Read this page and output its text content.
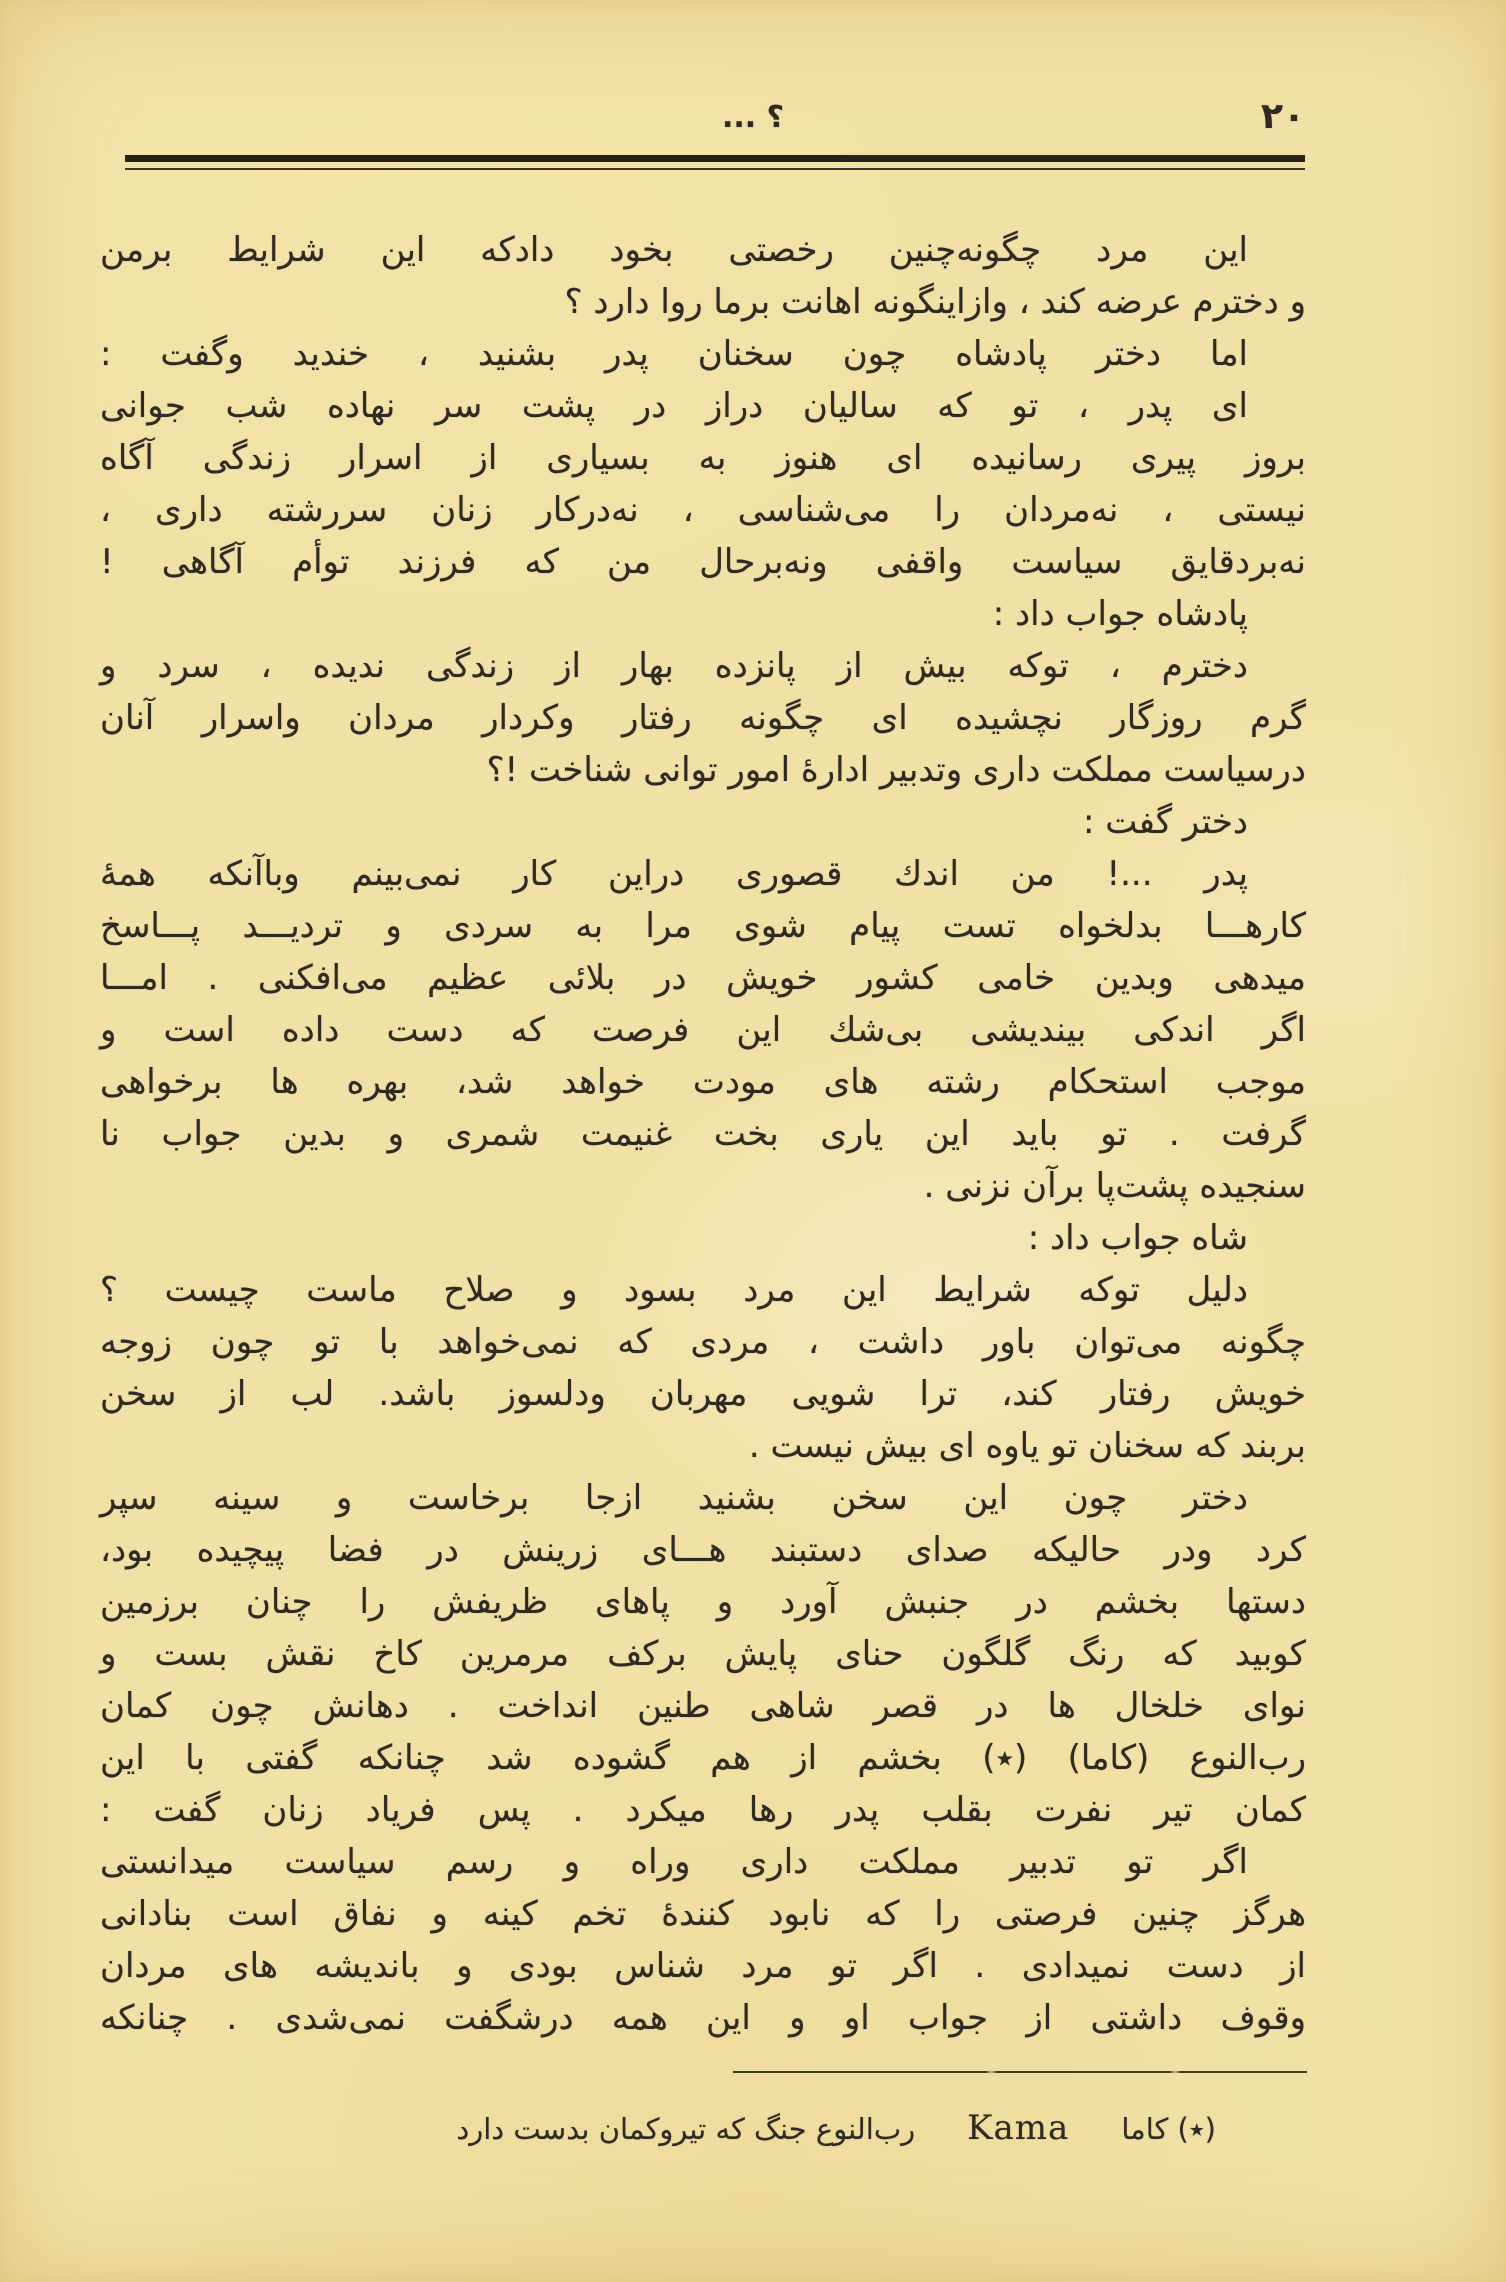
۲۰
؟ ...
این مرد چگونه‌چنین رخصتی بخود دادکه این شرایط برمن
و دخترم عرضه کند ، وازاینگونه اهانت برما روا دارد ؟
اما دختر پادشاه چون سخنان پدر بشنید ، خندید وگفت :
ای پدر ، تو که سالیان دراز در پشت سر نهاده شب جوانی
بروز پیری رسانیده ای هنوز به بسیاری از اسرار زندگی آگاه
نیستی ، نه‌مردان را می‌شناسی ، نه‌درکار زنان سررشته داری ،
نه‌بردقایق سیاست واقفی ونه‌برحال من که فرزند توأم آگاهی !
پادشاه جواب داد :
دخترم ، توکه بیش از پانزده بهار از زندگی ندیده ، سرد و
گرم روزگار نچشیده ای چگونه رفتار وکردار مردان واسرار آنان
درسیاست مملکت داری وتدبیر ادارهٔ امور توانی شناخت !؟
دختر گفت :
پدر ...! من اندك قصوری دراین کار نمی‌بینم وباآنکه همهٔ
کارهـــا بدلخواه تست پیام شوی مرا به سردی و تردیـــد پـــاسخ
میدهی وبدین خامی کشور خویش در بلائی عظیم می‌افکنی . امـــا
اگر اندکی بیندیشی بی‌شك این فرصت که دست داده است و
موجب استحکام رشته های مودت خواهد شد، بهره ها برخواهی
گرفت . تو باید این یاری بخت غنیمت شمری و بدین جواب نا
سنجیده پشت‌پا برآن نزنی .
شاه جواب داد :
دلیل توکه شرایط این مرد بسود و صلاح ماست چیست ؟
چگونه می‌توان باور داشت ، مردی که نمی‌خواهد با تو چون زوجه
خویش رفتار کند، ترا شویی مهربان ودلسوز باشد. لب از سخن
بربند که سخنان تو یاوه ای بیش نیست .
دختر چون این سخن بشنید ازجا برخاست و سینه سپر
کرد ودر حالیکه صدای دستبند هـــای زرینش در فضا پیچیده بود،
دستها بخشم در جنبش آورد و پاهای ظریفش را چنان برزمین
کوبید که رنگ گلگون حنای پایش برکف مرمرین کاخ نقش بست و
نوای خلخال ها در قصر شاهی طنین انداخت . دهانش چون کمان
رب‌النوع (کاما) (٭) بخشم از هم گشوده شد چنانکه گفتی با این
کمان تیر نفرت بقلب پدر رها میکرد . پس فریاد زنان گفت :
اگر تو تدبیر مملکت داری وراه و رسم سیاست میدانستی
هرگز چنین فرصتی را که نابود کنندهٔ تخم کینه و نفاق است بنادانی
از دست نمیدادی . اگر تو مرد شناس بودی و باندیشه های مردان
وقوف داشتی از جواب او و این همه درشگفت نمی‌شدی . چنانکه
(٭) کاما
Kama
رب‌النوع جنگ که تیروکمان بدست دارد
